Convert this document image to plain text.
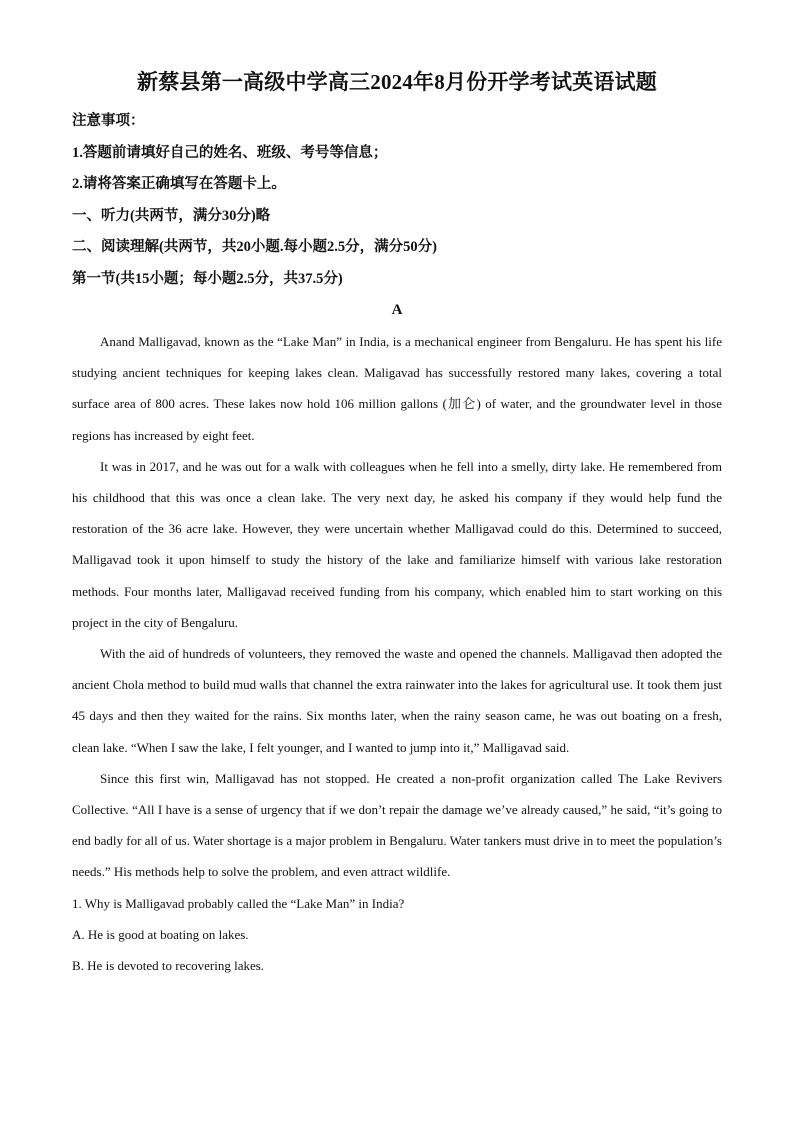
新蔡县第一高级中学高三2024年8月份开学考试英语试题

注意事项：

1.答题前请填好自己的姓名、班级、考号等信息；

2.请将答案正确填写在答题卡上。

一、听力(共两节，满分30分)略

二、阅读理解(共两节，共20小题.每小题2.5分，满分50分)

第一节(共15小题；每小题2.5分，共37.5分)

A

Anand Malligavad, known as the “Lake Man” in India, is a mechanical engineer from Bengaluru. He has spent his life studying ancient techniques for keeping lakes clean. Maligavad has successfully restored many lakes, covering a total surface area of 800 acres. These lakes now hold 106 million gallons (加仑) of water, and the groundwater level in those regions has increased by eight feet.

It was in 2017, and he was out for a walk with colleagues when he fell into a smelly, dirty lake. He remembered from his childhood that this was once a clean lake. The very next day, he asked his company if they would help fund the restoration of the 36 acre lake. However, they were uncertain whether Malligavad could do this. Determined to succeed, Malligavad took it upon himself to study the history of the lake and familiarize himself with various lake restoration methods. Four months later, Malligavad received funding from his company, which enabled him to start working on this project in the city of Bengaluru.

With the aid of hundreds of volunteers, they removed the waste and opened the channels. Malligavad then adopted the ancient Chola method to build mud walls that channel the extra rainwater into the lakes for agricultural use. It took them just 45 days and then they waited for the rains. Six months later, when the rainy season came, he was out boating on a fresh, clean lake. “When I saw the lake, I felt younger, and I wanted to jump into it,” Malligavad said.

Since this first win, Malligavad has not stopped. He created a non-profit organization called The Lake Revivers Collective. “All I have is a sense of urgency that if we don’t repair the damage we’ve already caused,” he said, “it’s going to end badly for all of us. Water shortage is a major problem in Bengaluru. Water tankers must drive in to meet the population’s needs.” His methods help to solve the problem, and even attract wildlife.

1. Why is Malligavad probably called the “Lake Man” in India?

A. He is good at boating on lakes.

B. He is devoted to recovering lakes.
